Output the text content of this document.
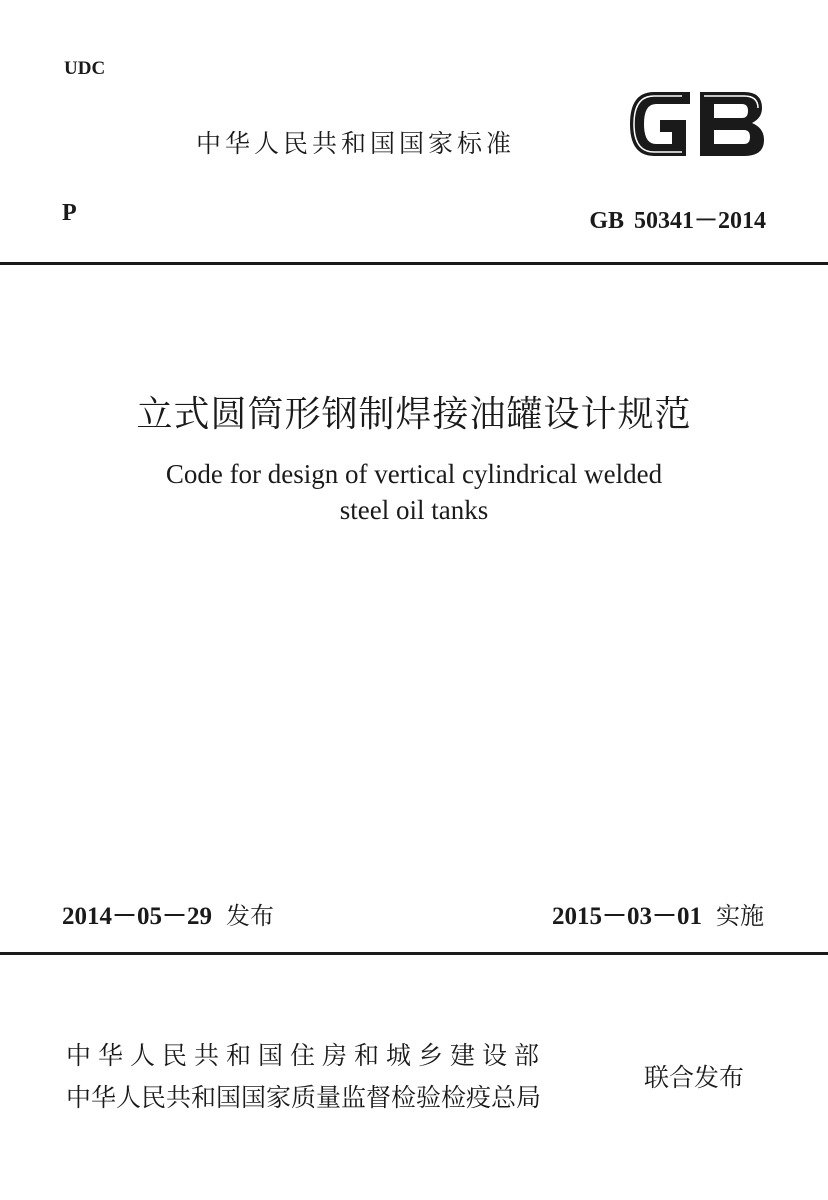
UDC
中华人民共和国国家标准
P	GB 50341－2014
立式圆筒形钢制焊接油罐设计规范
Code for design of vertical cylindrical welded
steel oil tanks
2014－05－29 发布	2015－03－01 实施
中华人民共和国住房和城乡建设部
中华人民共和国国家质量监督检验检疫总局
联合发布
